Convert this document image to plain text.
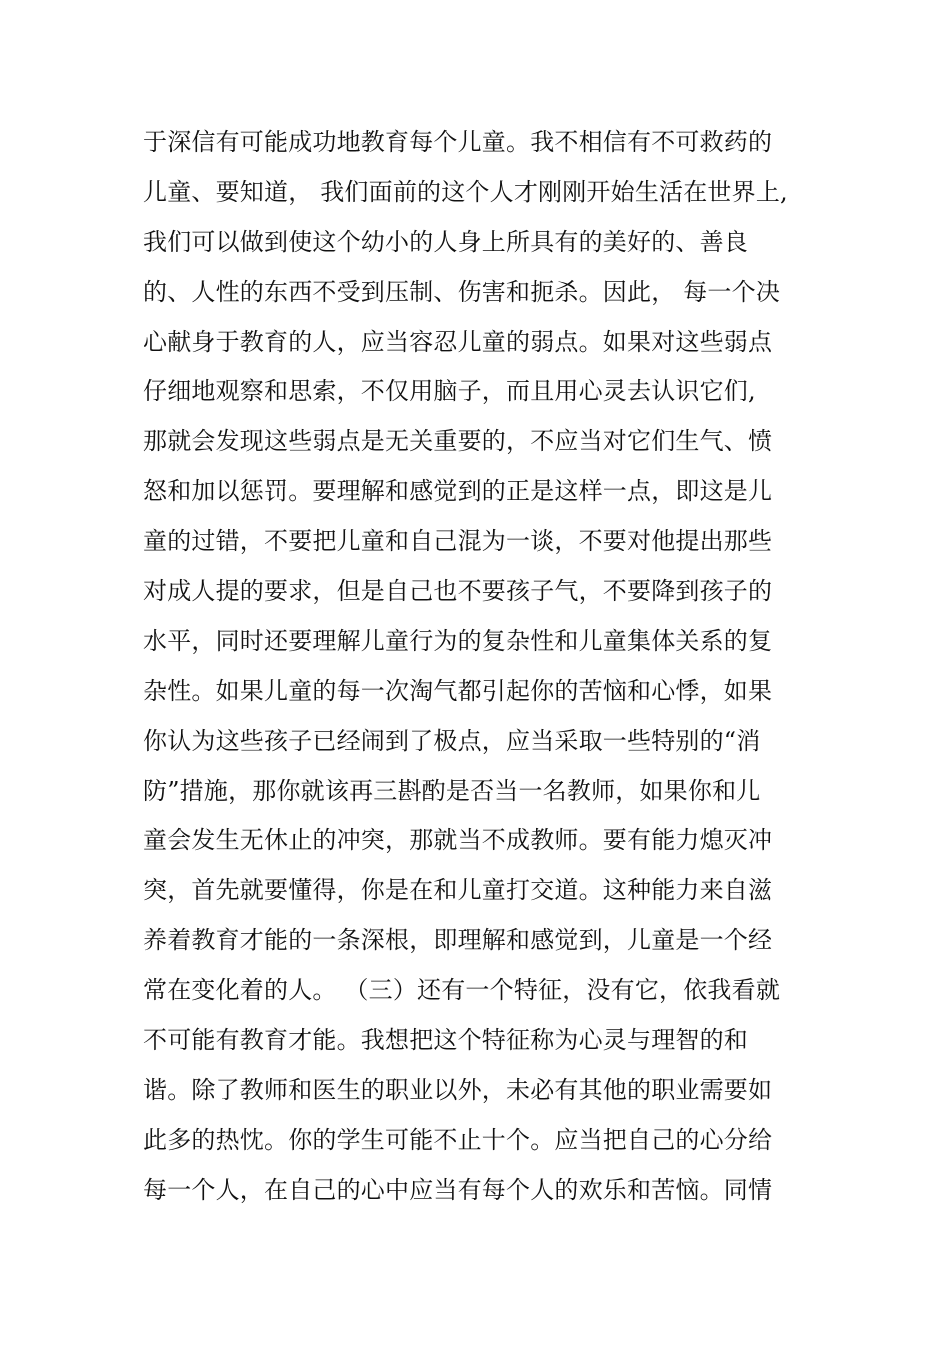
于深信有可能成功地教育每个儿童。我不相信有不可救药的
儿童、要知道， 我们面前的这个人才刚刚开始生活在世界上,
我们可以做到使这个幼小的人身上所具有的美好的、善良
的、人性的东西不受到压制、伤害和扼杀。因此， 每一个决
心献身于教育的人，应当容忍儿童的弱点。如果对这些弱点
仔细地观察和思索，不仅用脑子，而且用心灵去认识它们,
那就会发现这些弱点是无关重要的，不应当对它们生气、愤
怒和加以惩罚。要理解和感觉到的正是这样一点，即这是儿
童的过错，不要把儿童和自己混为一谈，不要对他提出那些
对成人提的要求，但是自己也不要孩子气，不要降到孩子的
水平，同时还要理解儿童行为的复杂性和儿童集体关系的复
杂性。如果儿童的每一次淘气都引起你的苦恼和心悸，如果
你认为这些孩子已经闹到了极点，应当采取一些特别的“消
防”措施，那你就该再三斟酌是否当一名教师，如果你和儿
童会发生无休止的冲突，那就当不成教师。要有能力熄灭冲
突，首先就要懂得，你是在和儿童打交道。这种能力来自滋
养着教育才能的一条深根，即理解和感觉到，儿童是一个经
常在变化着的人。 （三）还有一个特征，没有它，依我看就
不可能有教育才能。我想把这个特征称为心灵与理智的和
谐。除了教师和医生的职业以外，未必有其他的职业需要如
此多的热忱。你的学生可能不止十个。应当把自己的心分给
每一个人，在自己的心中应当有每个人的欢乐和苦恼。同情
